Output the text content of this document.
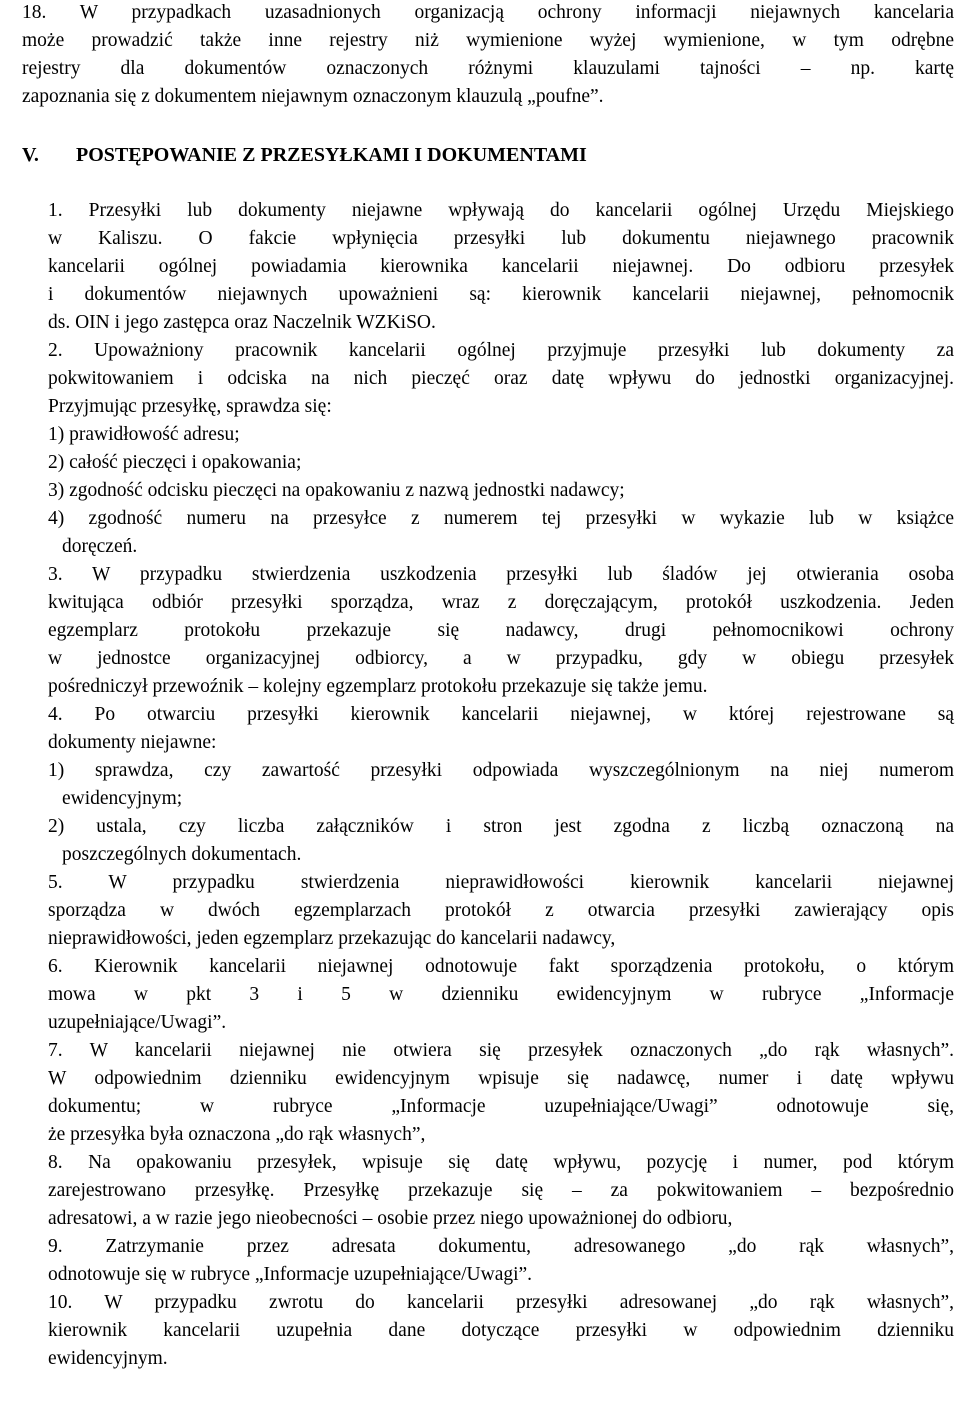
18. W przypadkach uzasadnionych organizacją ochrony informacji niejawnych kancelaria
może prowadzić także inne rejestry niż wymienione wyżej wymienione, w tym odrębne
rejestry dla dokumentów oznaczonych różnymi klauzulami tajności – np. kartę
zapoznania się z dokumentem niejawnym oznaczonym klauzulą „poufne”.
V. POSTĘPOWANIE Z PRZESYŁKAMI I DOKUMENTAMI
1. Przesyłki lub dokumenty niejawne wpływają do kancelarii ogólnej Urzędu Miejskiego
w Kaliszu. O fakcie wpłynięcia przesyłki lub dokumentu niejawnego pracownik
kancelarii ogólnej powiadamia kierownika kancelarii niejawnej. Do odbioru przesyłek
i dokumentów niejawnych upoważnieni są: kierownik kancelarii niejawnej, pełnomocnik
ds. OIN i jego zastępca oraz Naczelnik WZKiSO.
2. Upoważniony pracownik kancelarii ogólnej przyjmuje przesyłki lub dokumenty za
pokwitowaniem i odciska na nich pieczęć oraz datę wpływu do jednostki organizacyjnej.
Przyjmując przesyłkę, sprawdza się:
1) prawidłowość adresu;
2) całość pieczęci i opakowania;
3) zgodność odcisku pieczęci na opakowaniu z nazwą jednostki nadawcy;
4) zgodność numeru na przesyłce z numerem tej przesyłki w wykazie lub w książce
doręczeń.
3. W przypadku stwierdzenia uszkodzenia przesyłki lub śladów jej otwierania osoba
kwitująca odbiór przesyłki sporządza, wraz z doręczającym, protokół uszkodzenia. Jeden
egzemplarz protokołu przekazuje się nadawcy, drugi pełnomocnikowi ochrony
w jednostce organizacyjnej odbiorcy, a w przypadku, gdy w obiegu przesyłek
pośredniczył przewoźnik – kolejny egzemplarz protokołu przekazuje się także jemu.
4. Po otwarciu przesyłki kierownik kancelarii niejawnej, w której rejestrowane są
dokumenty niejawne:
1) sprawdza, czy zawartość przesyłki odpowiada wyszczególnionym na niej numerom
ewidencyjnym;
2) ustala, czy liczba załączników i stron jest zgodna z liczbą oznaczoną na
poszczególnych dokumentach.
5. W przypadku stwierdzenia nieprawidłowości kierownik kancelarii niejawnej
sporządza w dwóch egzemplarzach protokół z otwarcia przesyłki zawierający opis
nieprawidłowości, jeden egzemplarz przekazując do kancelarii nadawcy,
6. Kierownik kancelarii niejawnej odnotowuje fakt sporządzenia protokołu, o którym
mowa w pkt 3 i 5 w dzienniku ewidencyjnym w rubryce „Informacje
uzupełniające/Uwagi”.
7. W kancelarii niejawnej nie otwiera się przesyłek oznaczonych „do rąk własnych”.
W odpowiednim dzienniku ewidencyjnym wpisuje się nadawcę, numer i datę wpływu
dokumentu; w rubryce „Informacje uzupełniające/Uwagi” odnotowuje się,
że przesyłka była oznaczona „do rąk własnych”,
8. Na opakowaniu przesyłek, wpisuje się datę wpływu, pozycję i numer, pod którym
zarejestrowano przesyłkę. Przesyłkę przekazuje się – za pokwitowaniem – bezpośrednio
adresatowi, a w razie jego nieobecności – osobie przez niego upoważnionej do odbioru,
9. Zatrzymanie przez adresata dokumentu, adresowanego „do rąk własnych”,
odnotowuje się w rubryce „Informacje uzupełniające/Uwagi”.
10. W przypadku zwrotu do kancelarii przesyłki adresowanej „do rąk własnych”,
kierownik kancelarii uzupełnia dane dotyczące przesyłki w odpowiednim dzienniku
ewidencyjnym.
